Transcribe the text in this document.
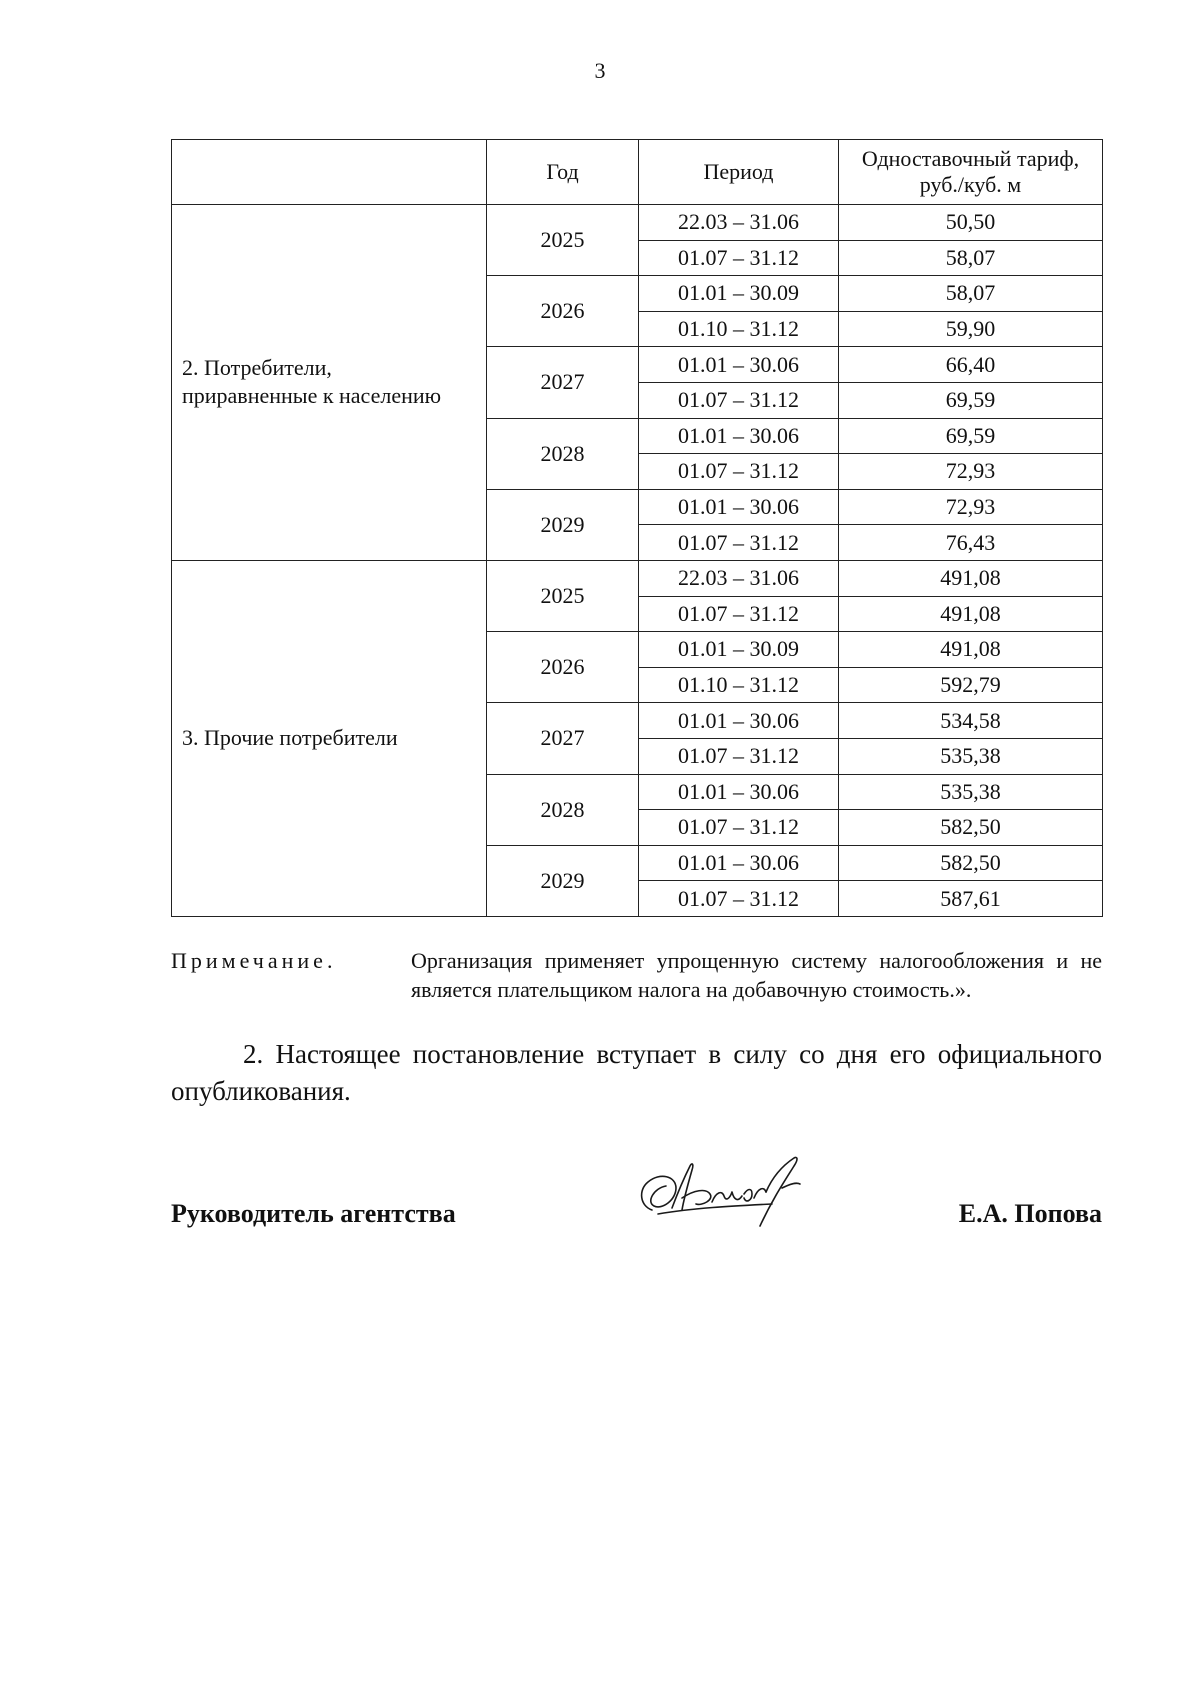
3
	Год	Период	Одноставочный тариф,
руб./куб. м

2. Потребители,
приравненные к населению	2025	22.03 – 31.06	50,50
		01.07 – 31.12	58,07
	2026	01.01 – 30.09	58,07
		01.10 – 31.12	59,90
	2027	01.01 – 30.06	66,40
		01.07 – 31.12	69,59
	2028	01.01 – 30.06	69,59
		01.07 – 31.12	72,93
	2029	01.01 – 30.06	72,93
		01.07 – 31.12	76,43

3. Прочие потребители	2025	22.03 – 31.06	491,08
		01.07 – 31.12	491,08
	2026	01.01 – 30.09	491,08
		01.10 – 31.12	592,79
	2027	01.01 – 30.06	534,58
		01.07 – 31.12	535,38
	2028	01.01 – 30.06	535,38
		01.07 – 31.12	582,50
	2029	01.01 – 30.06	582,50
		01.07 – 31.12	587,61
Примечание.	Организация применяет упрощенную систему налогообложения и не является плательщиком налога на добавочную стоимость.».
2. Настоящее постановление вступает в силу со дня его официального опубликования.
Руководитель агентства	Е.А. Попова
